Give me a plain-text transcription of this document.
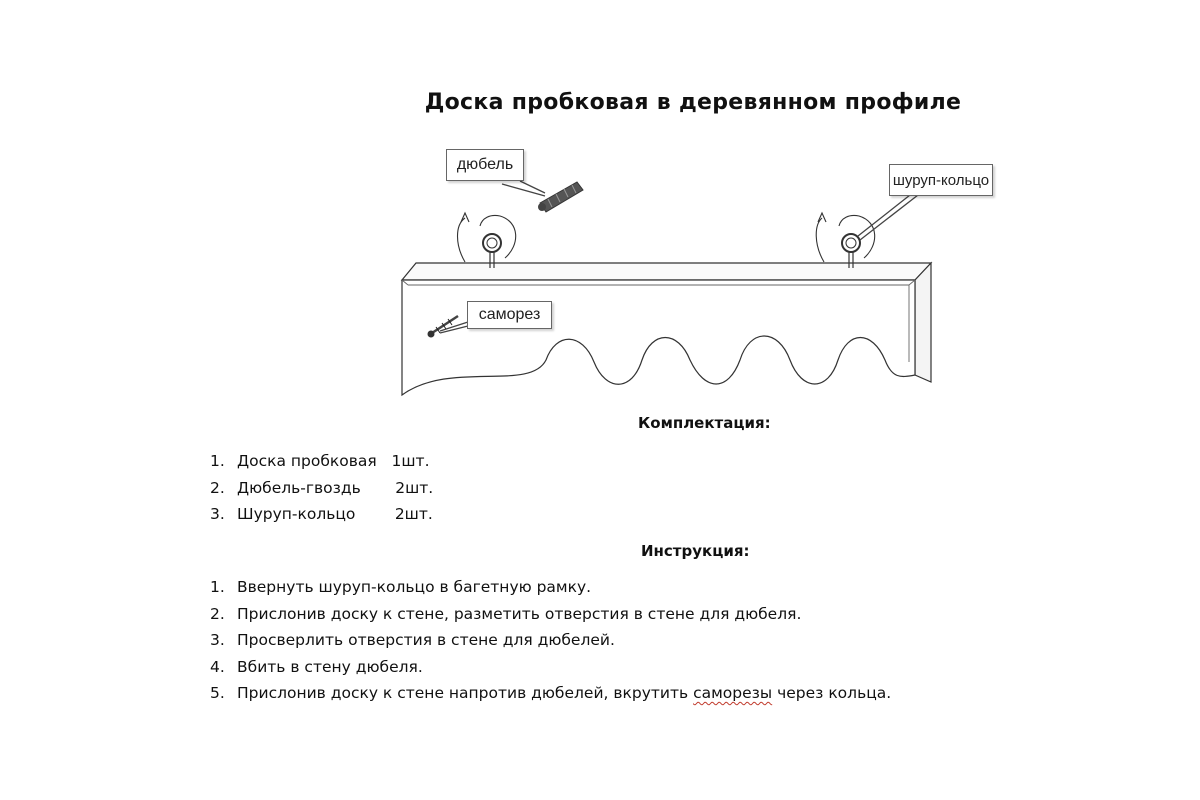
Доска пробковая в деревянном профиле
дюбель
шуруп-кольцо
саморез
Комплектация:
1. Доска пробковая   1шт.
2. Дюбель-гвоздь       2шт.
3. Шуруп-кольцо        2шт.
Инструкция:
1. Ввернуть шуруп-кольцо в багетную рамку.
2. Прислонив доску к стене, разметить отверстия в стене для дюбеля.
3. Просверлить отверстия в стене для дюбелей.
4. Вбить в стену дюбеля.
5. Прислонив доску к стене напротив дюбелей, вкрутить саморезы через кольца.
